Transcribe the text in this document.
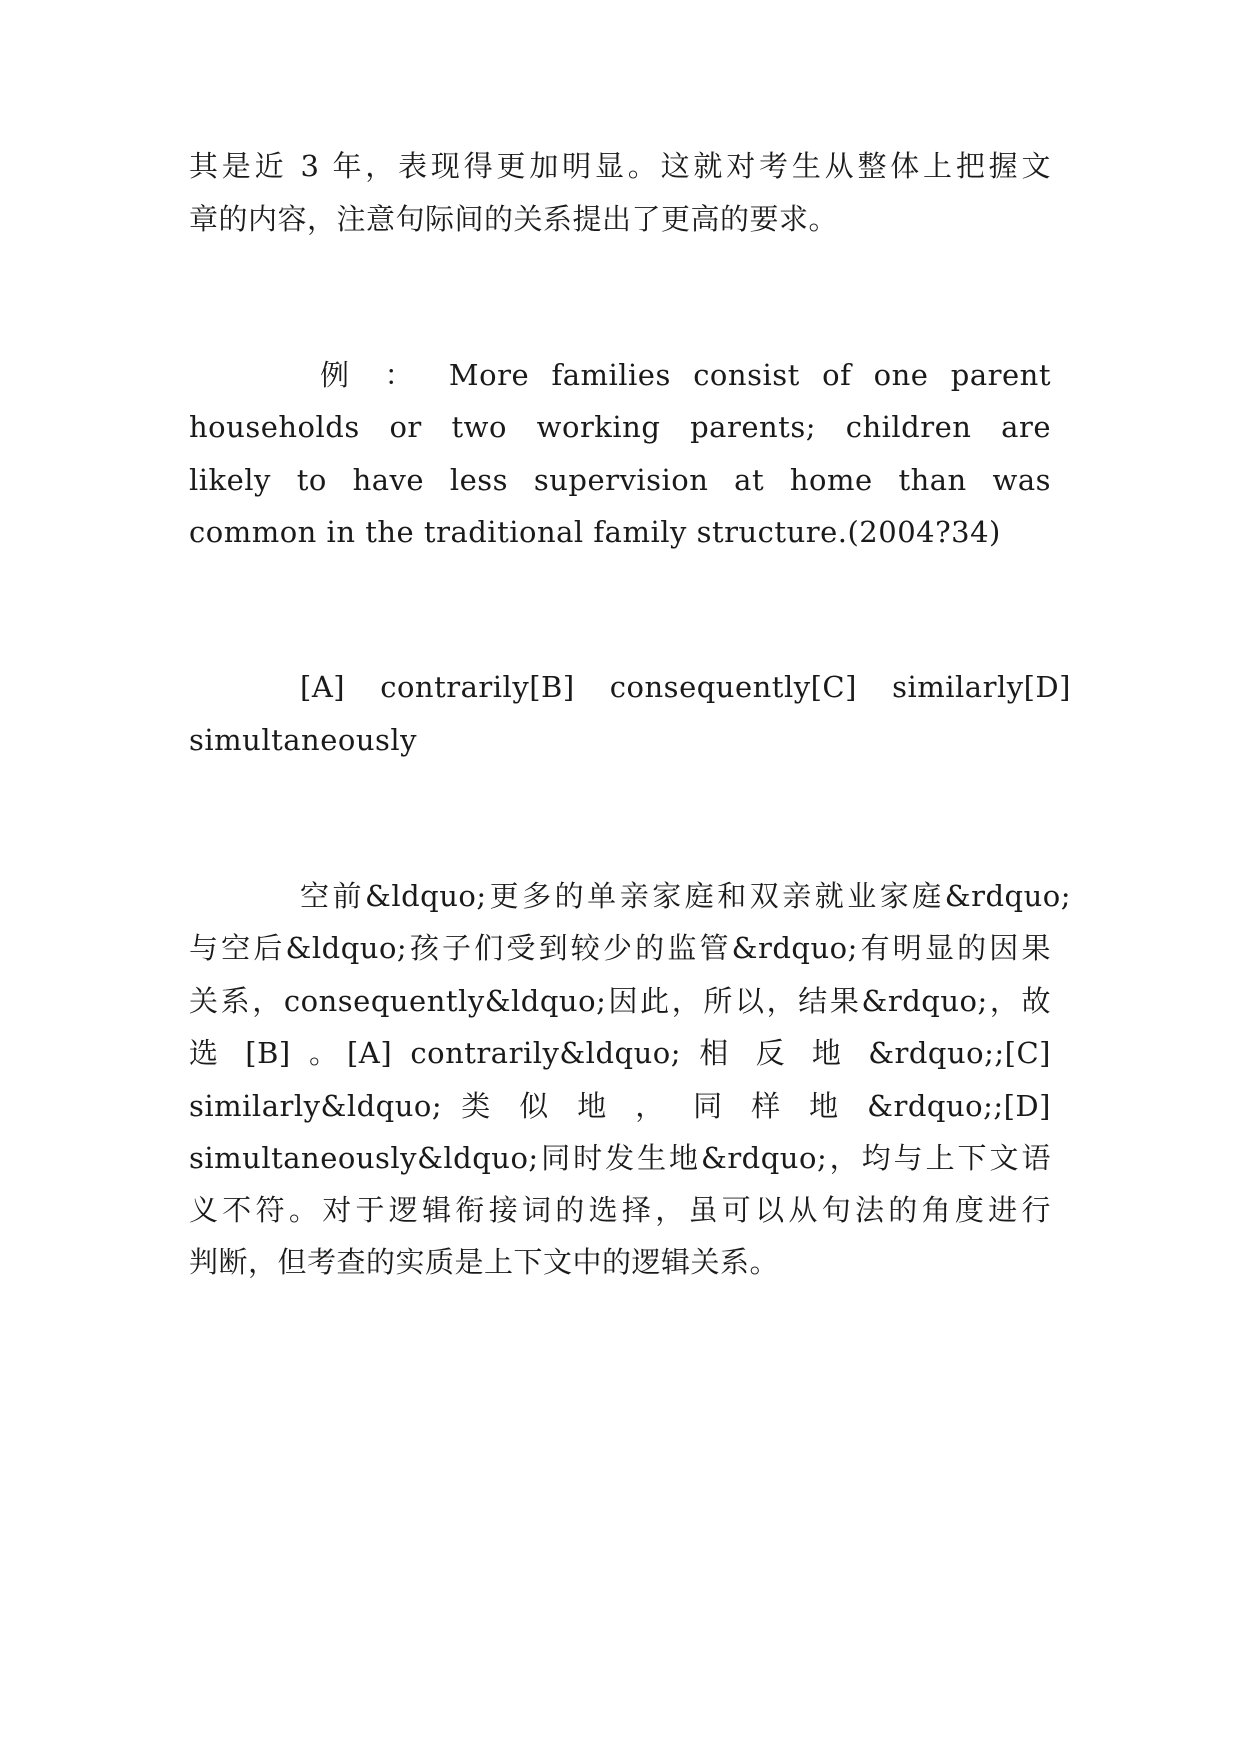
其是近 3 年，表现得更加明显。这就对考生从整体上把握文
章的内容，注意句际间的关系提出了更高的要求。
例 ： More families consist of one parent
households or two working parents; children are
likely to have less supervision at home than was
common in the traditional family structure.(2004?34)
[A] contrarily[B] consequently[C] similarly[D]
simultaneously
空前&ldquo;更多的单亲家庭和双亲就业家庭&rdquo;
与空后&ldquo;孩子们受到较少的监管&rdquo;有明显的因果
关系，consequently&ldquo;因此，所以，结果&rdquo;，故
选 [B] 。[A] contrarily&ldquo; 相 反 地 &rdquo;;[C]
similarly&ldquo; 类 似 地 ， 同 样 地 &rdquo;;[D]
simultaneously&ldquo;同时发生地&rdquo;，均与上下文语
义不符。对于逻辑衔接词的选择，虽可以从句法的角度进行
判断，但考查的实质是上下文中的逻辑关系。
